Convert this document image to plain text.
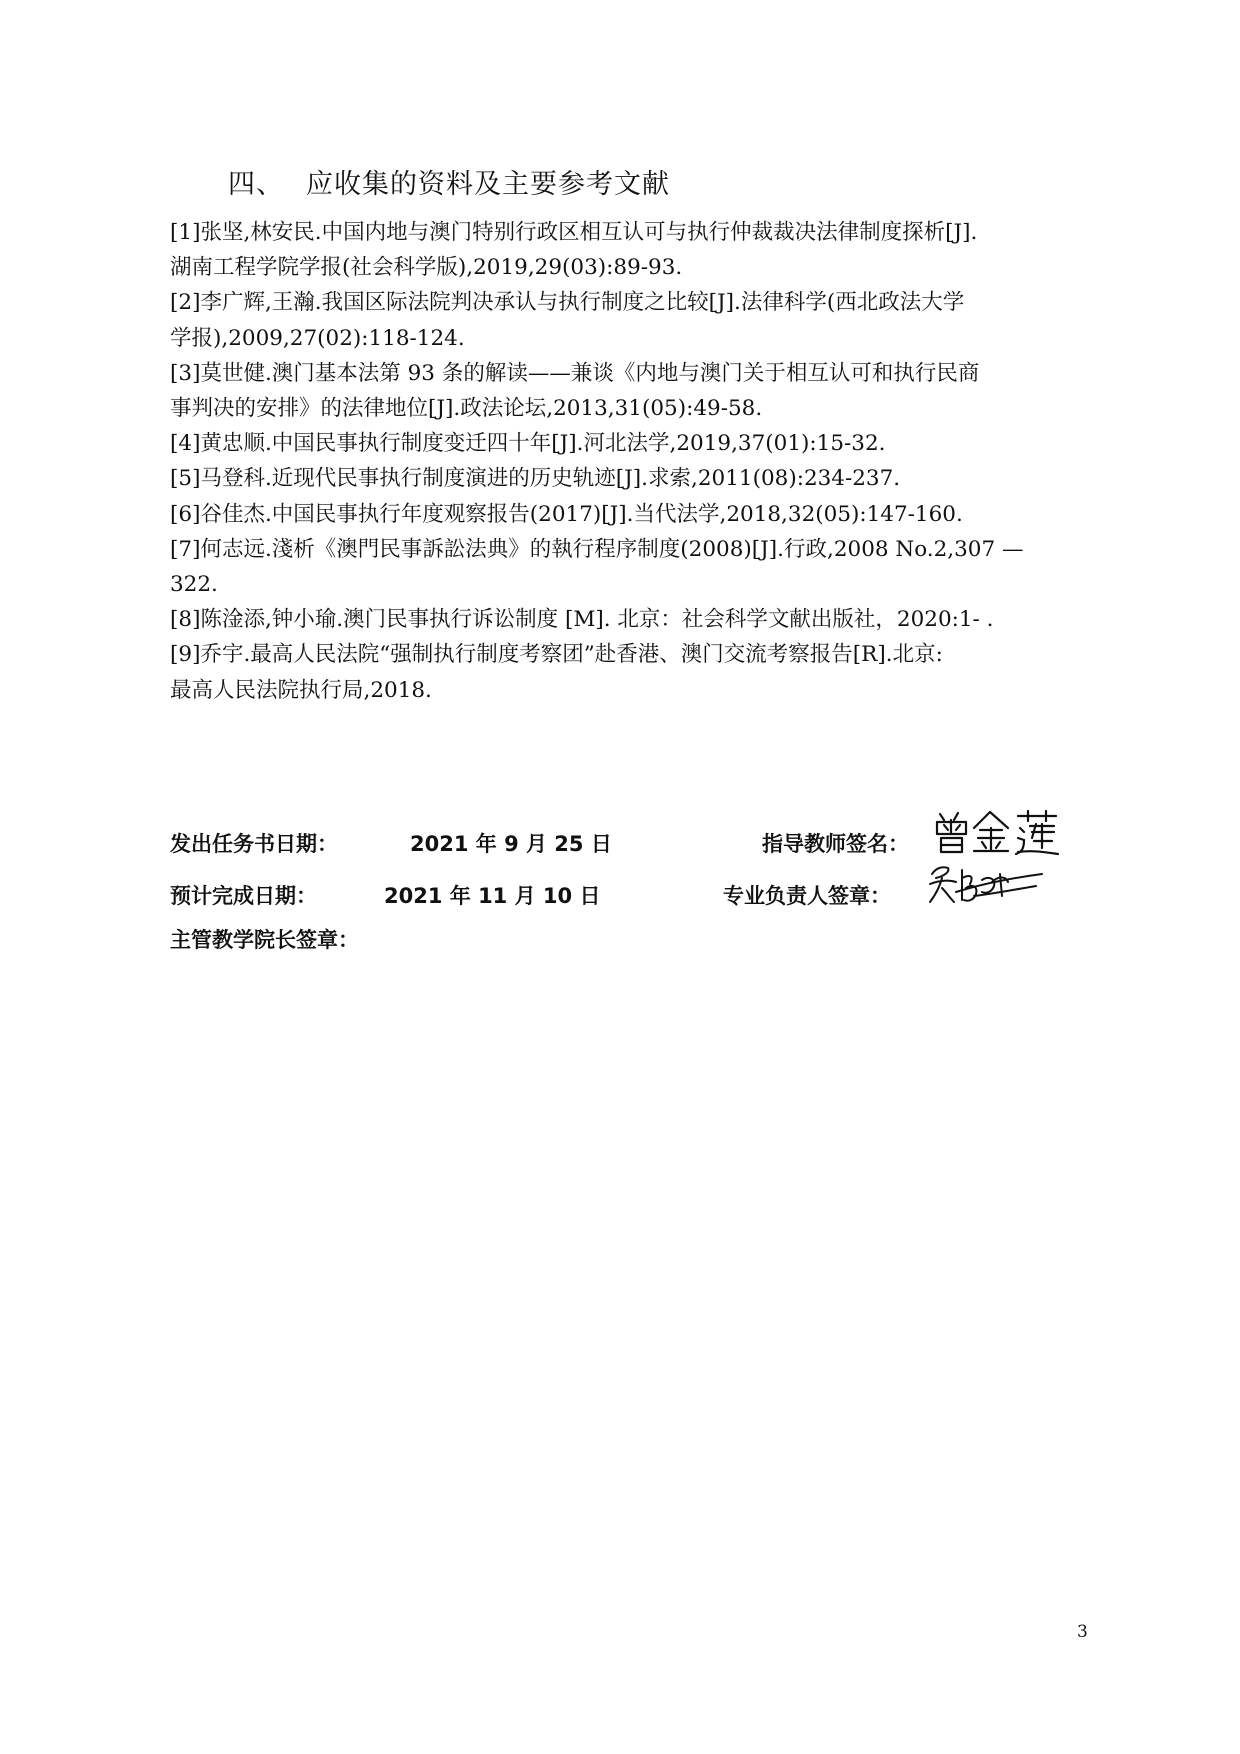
四、 应收集的资料及主要参考文献
[1]张坚,林安民.中国内地与澳门特别行政区相互认可与执行仲裁裁决法律制度探析[J].
湖南工程学院学报(社会科学版),2019,29(03):89-93.
[2]李广辉,王瀚.我国区际法院判决承认与执行制度之比较[J].法律科学(西北政法大学
学报),2009,27(02):118-124.
[3]莫世健.澳门基本法第 93 条的解读——兼谈《内地与澳门关于相互认可和执行民商
事判决的安排》的法律地位[J].政法论坛,2013,31(05):49-58.
[4]黄忠顺.中国民事执行制度变迁四十年[J].河北法学,2019,37(01):15-32.
[5]马登科.近现代民事执行制度演进的历史轨迹[J].求索,2011(08):234-237.
[6]谷佳杰.中国民事执行年度观察报告(2017)[J].当代法学,2018,32(05):147-160.
[7]何志远.淺析《澳門民事訴訟法典》的執行程序制度(2008)[J].行政,2008 No.2,307 —
322.
[8]陈淦添,钟小瑜.澳门民事执行诉讼制度 [M]. 北京：社会科学文献出版社，2020:1- .
[9]乔宇.最高人民法院“强制执行制度考察团”赴香港、澳门交流考察报告[R].北京:
最高人民法院执行局,2018.
发出任务书日期：	2021 年 9 月 25 日	指导教师签名：
预计完成日期：	2021 年 11 月 10 日	专业负责人签章：
主管教学院长签章：
3
